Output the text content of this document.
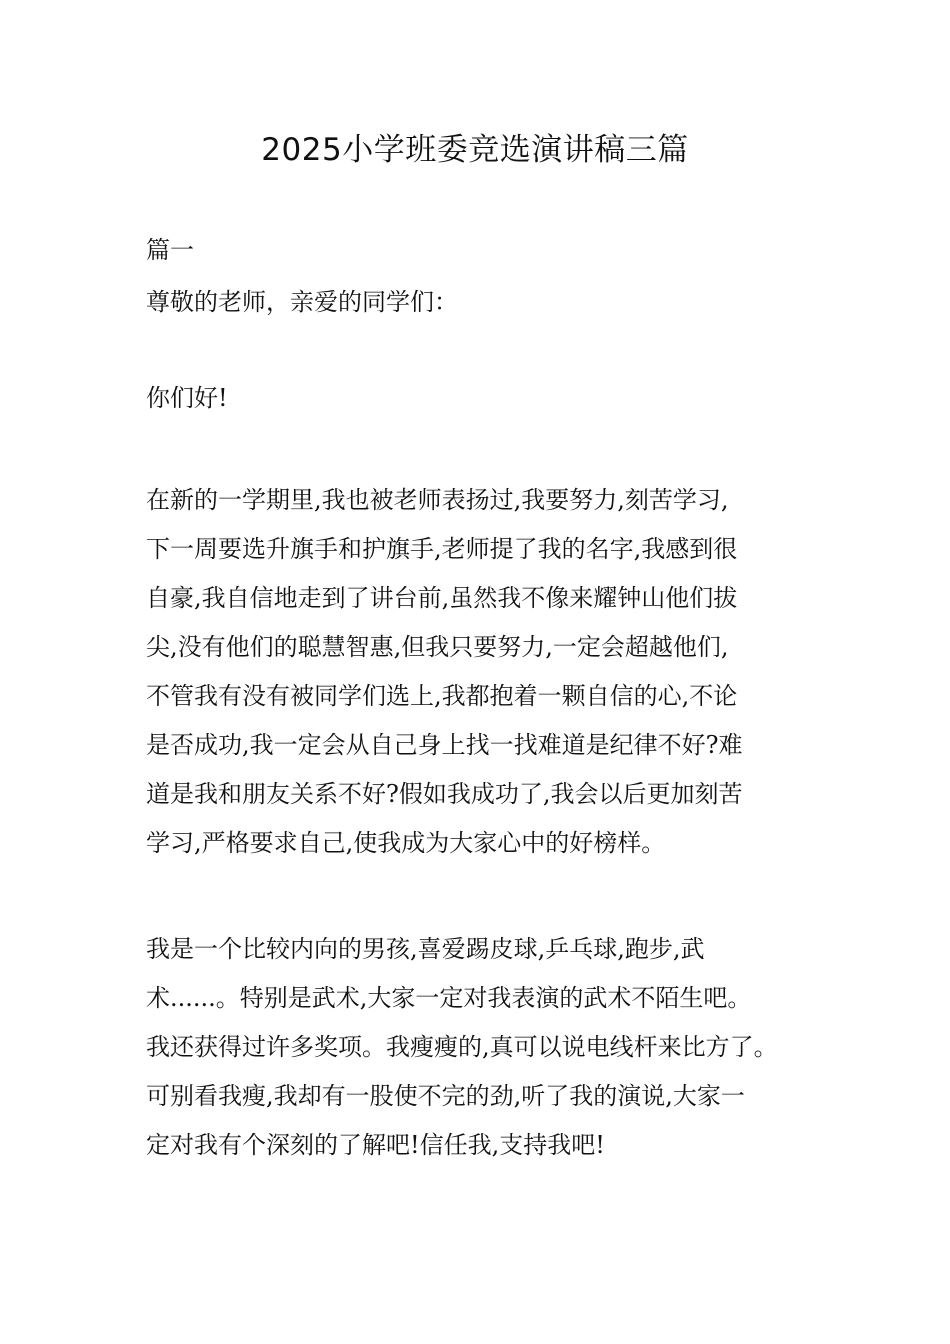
2025小学班委竞选演讲稿三篇

篇一

尊敬的老师，亲爱的同学们：

你们好!

在新的一学期里,我也被老师表扬过,我要努力,刻苦学习,
下一周要选升旗手和护旗手,老师提了我的名字,我感到很
自豪,我自信地走到了讲台前,虽然我不像来耀钟山他们拔
尖,没有他们的聪慧智惠,但我只要努力,一定会超越他们,
不管我有没有被同学们选上,我都抱着一颗自信的心,不论
是否成功,我一定会从自己身上找一找难道是纪律不好?难
道是我和朋友关系不好?假如我成功了,我会以后更加刻苦
学习,严格要求自己,使我成为大家心中的好榜样。

我是一个比较内向的男孩,喜爱踢皮球,乒乓球,跑步,武
术......。特别是武术,大家一定对我表演的武术不陌生吧。
我还获得过许多奖项。我瘦瘦的,真可以说电线杆来比方了。
可别看我瘦,我却有一股使不完的劲,听了我的演说,大家一
定对我有个深刻的了解吧!信任我,支持我吧!
